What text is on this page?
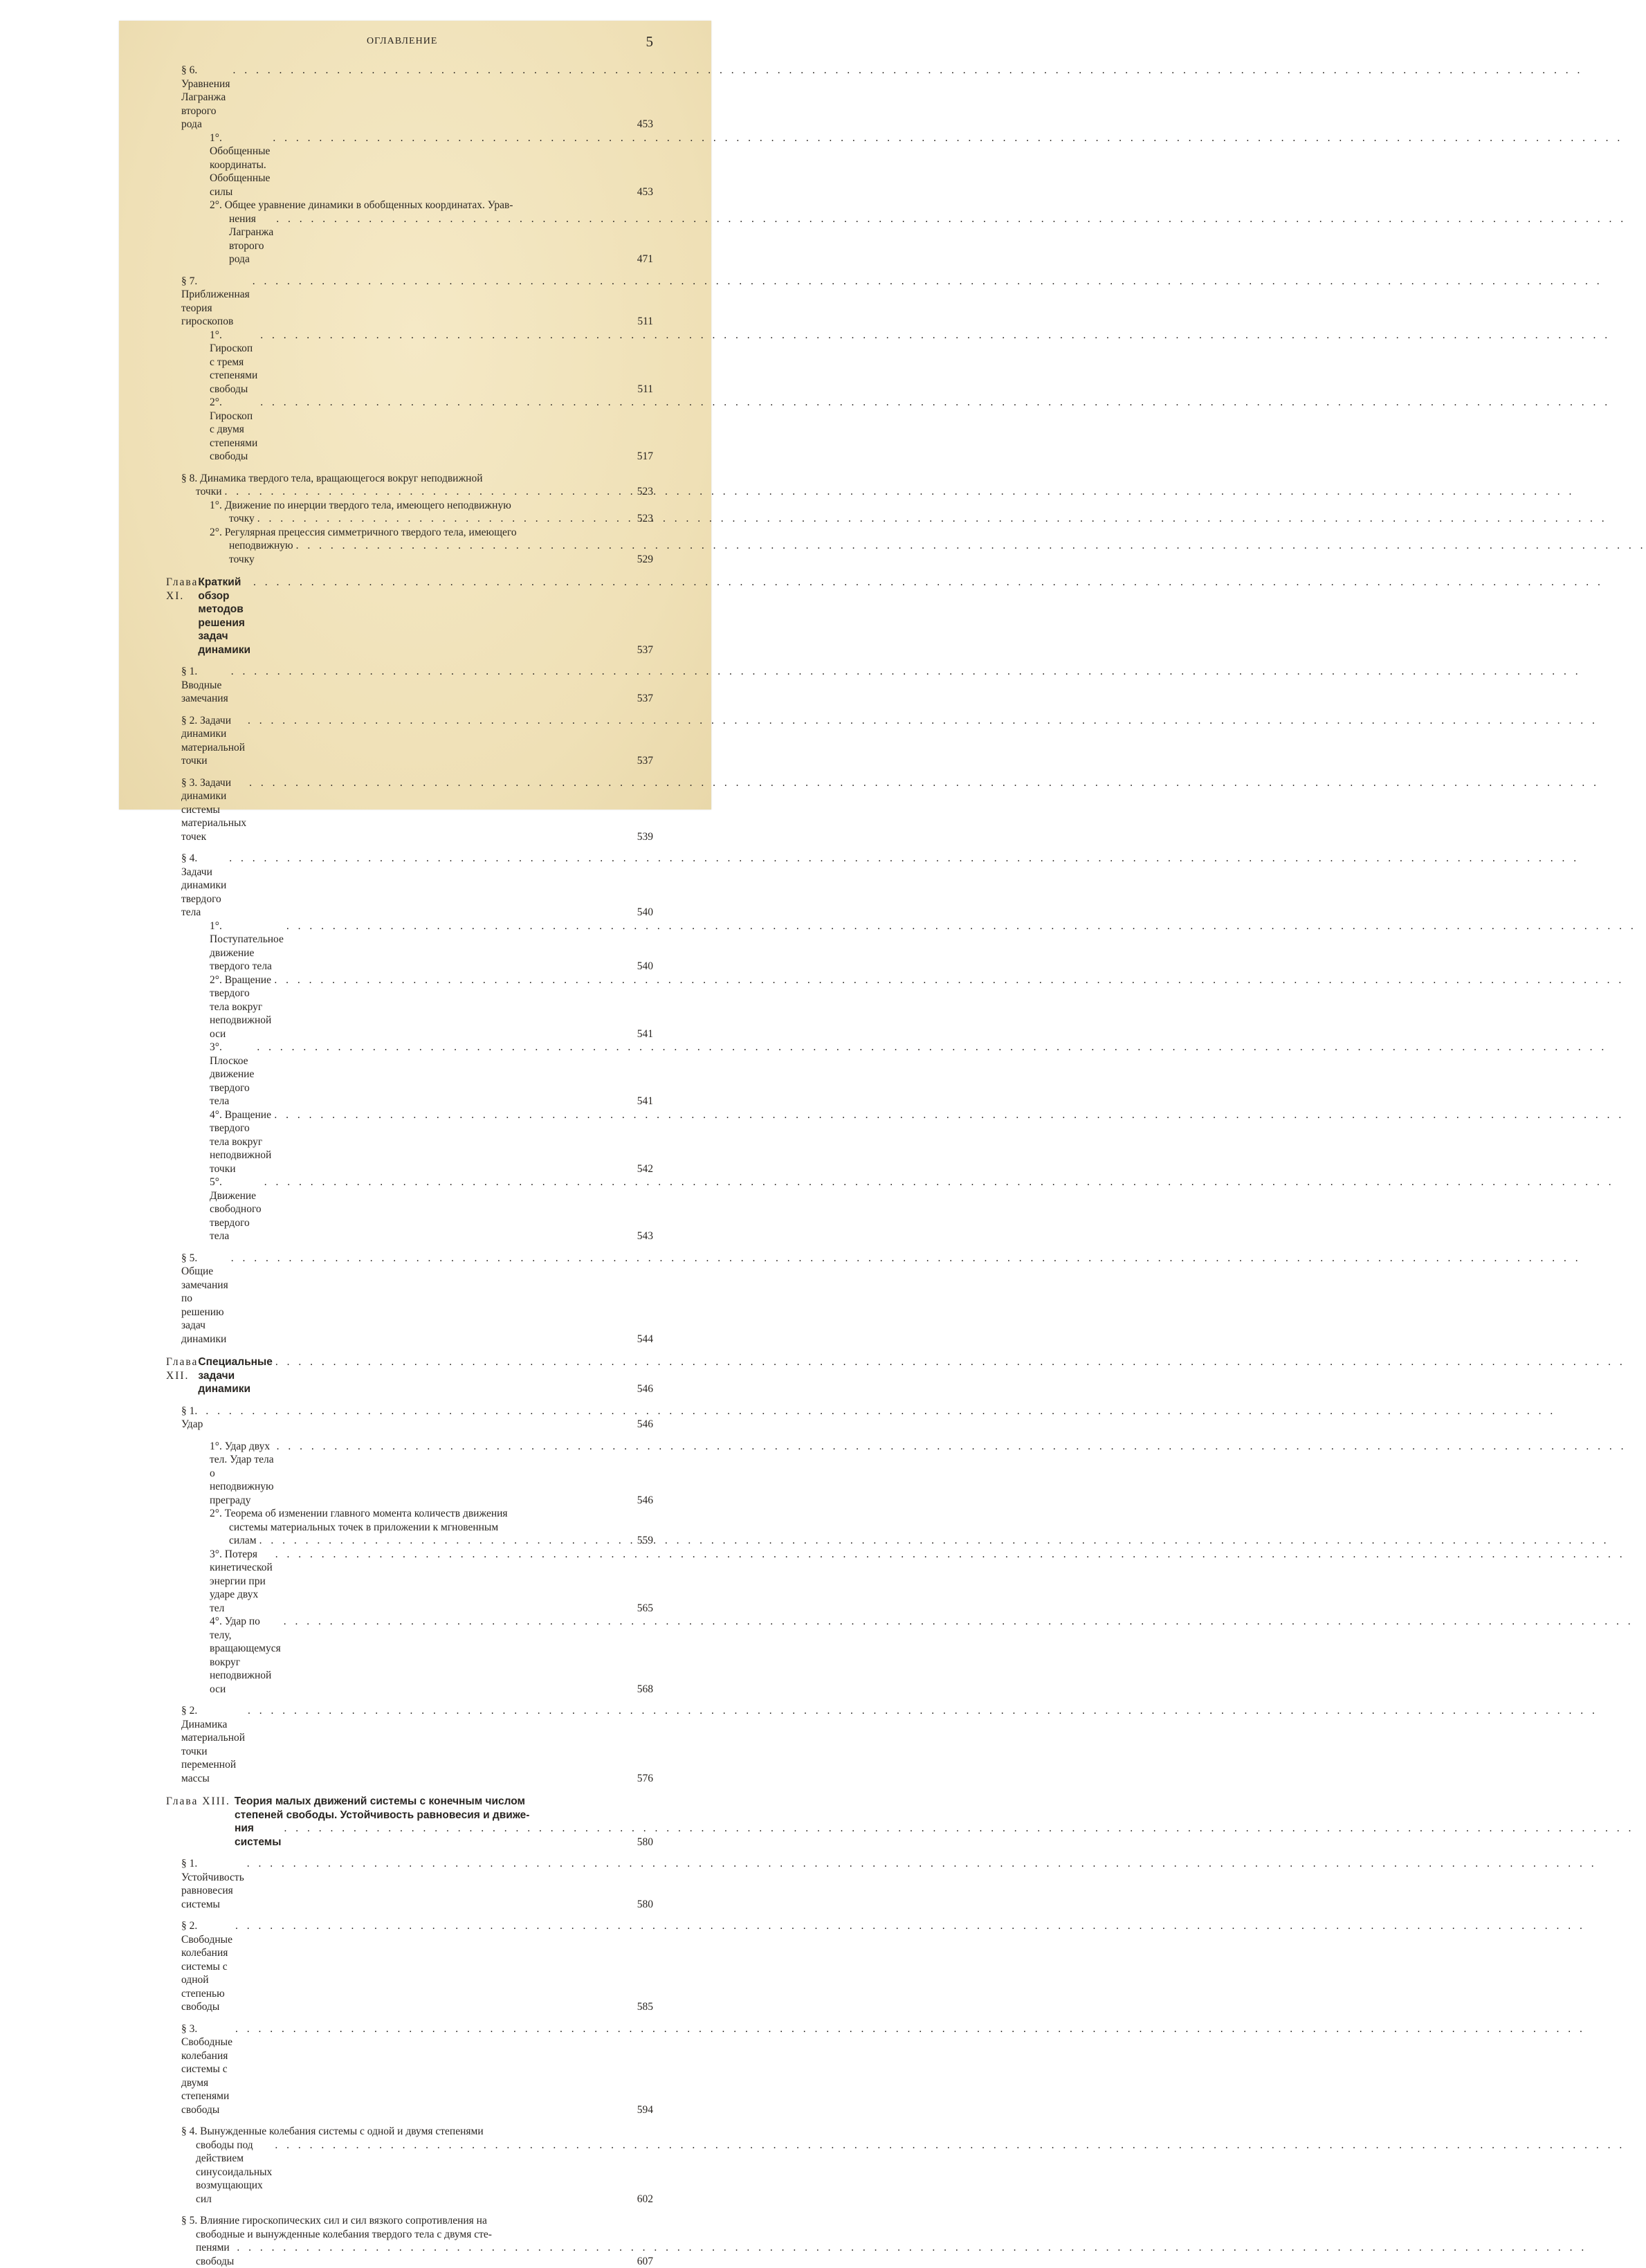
ОГЛАВЛЕНИЕ	5
§ 6. Уравнения Лагранжа второго рода . . .	453
1°. Обобщенные координаты. Обобщенные силы . . .	453
2°. Общее уравнение динамики в обобщенных координатах. Урав-
нения Лагранжа второго рода . . .	471
§ 7. Приближенная теория гироскопов . . .	511
1°. Гироскоп с тремя степенями свободы . . .	511
2°. Гироскоп с двумя степенями свободы . . .	517
§ 8. Динамика твердого тела, вращающегося вокруг неподвижной
точки . . .	523
1°. Движение по инерции твердого тела, имеющего неподвижную
точку . . .	523
2°. Регулярная прецессия симметричного твердого тела, имеющего
неподвижную точку . . .	529
Глава XI.
Краткий обзор методов решения задач динамики . . .	537
§ 1. Вводные замечания . . .	537
§ 2. Задачи динамики материальной точки . . .	537
§ 3. Задачи динамики системы материальных точек . . .	539
§ 4. Задачи динамики твердого тела . . .	540
1°. Поступательное движение твердого тела . . .	540
2°. Вращение твердого тела вокруг неподвижной оси . . .	541
3°. Плоское движение твердого тела . . .	541
4°. Вращение твердого тела вокруг неподвижной точки . . .	542
5°. Движение свободного твердого тела . . .	543
§ 5. Общие замечания по решению задач динамики . . .	544
Глава XII.
Специальные задачи динамики . . .	546
§ 1. Удар . . .	546
1°. Удар двух тел. Удар тела о неподвижную преграду . . .	546
2°. Теорема об изменении главного момента количеств движения
системы материальных точек в приложении к мгновенным
силам . . .	559
3°. Потеря кинетической энергии при ударе двух тел . . .	565
4°. Удар по телу, вращающемуся вокруг неподвижной оси . . .	568
§ 2. Динамика материальной точки переменной массы . . .	576
Глава XIII. Теория малых движений системы с конечным числом
степеней свободы. Устойчивость равновесия и движе-
ния системы . . .	580
§ 1. Устойчивость равновесия системы . . .	580
§ 2. Свободные колебания системы с одной степенью свободы . . .	585
§ 3. Свободные колебания системы с двумя степенями свободы . . .	594
§ 4. Вынужденные колебания системы с одной и двумя степенями
свободы под действием синусоидальных возмущающих сил . . .	602
§ 5. Влияние гироскопических сил и сил вязкого сопротивления на
свободные и вынужденные колебания твердого тела с двумя сте-
пенями свободы . . .	607
